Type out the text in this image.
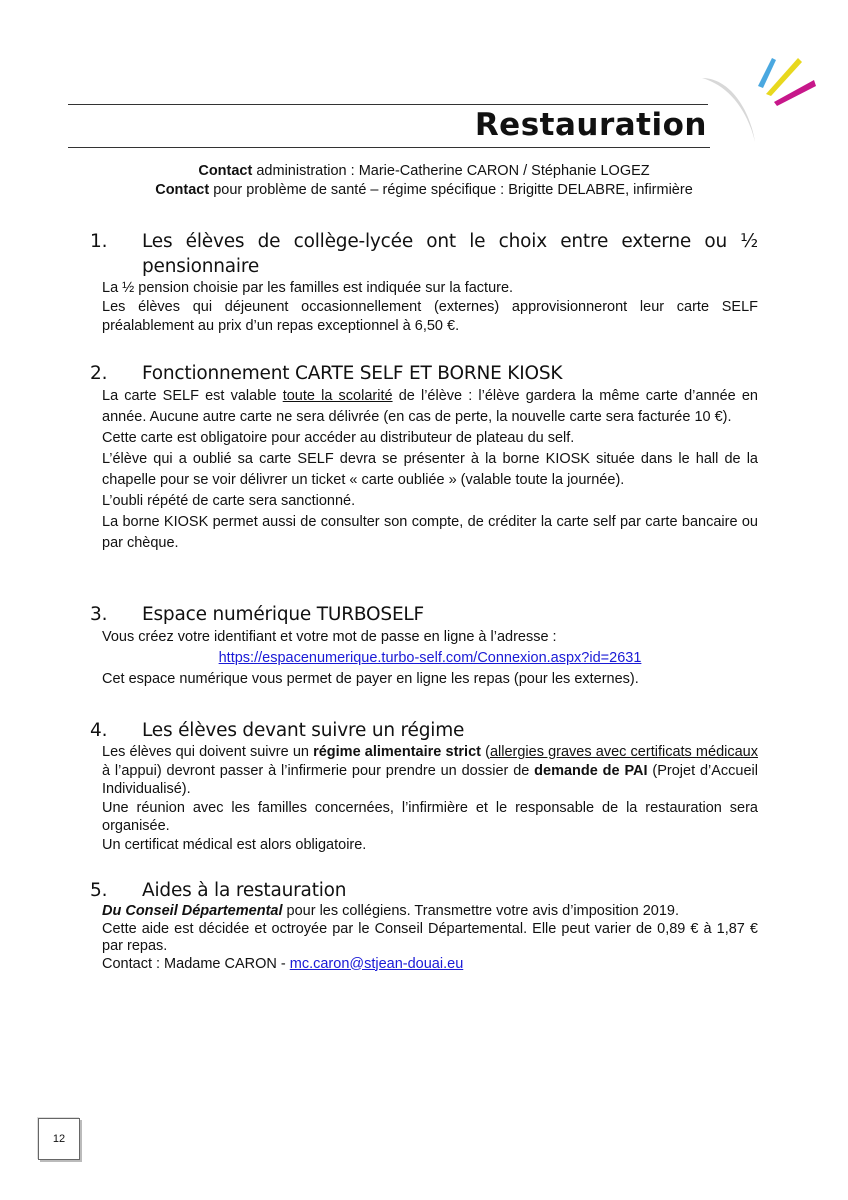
Restauration
Contact administration : Marie-Catherine CARON / Stéphanie LOGEZ
Contact pour problème de santé – régime spécifique : Brigitte DELABRE, infirmière
1.	Les élèves de collège-lycée ont le choix entre externe ou ½ pensionnaire

La ½ pension choisie par les familles est indiquée sur la facture.

Les élèves qui déjeunent occasionnellement (externes) approvisionneront leur carte SELF préalablement au prix d’un repas exceptionnel à 6,50 €.

2.	Fonctionnement CARTE SELF ET BORNE KIOSK

La carte SELF est valable toute la scolarité de l’élève : l’élève gardera la même carte d’année en année. Aucune autre carte ne sera délivrée (en cas de perte, la nouvelle carte sera facturée 10 €).

Cette carte est obligatoire pour accéder au distributeur de plateau du self.

L’élève qui a oublié sa carte SELF devra se présenter à la borne KIOSK située dans le hall de la chapelle pour se voir délivrer un ticket « carte oubliée » (valable toute la journée).

L’oubli répété de carte sera sanctionné.

La borne KIOSK permet aussi de consulter son compte, de créditer la carte self par carte bancaire ou par chèque.

3.	Espace numérique TURBOSELF

Vous créez votre identifiant et votre mot de passe en ligne à l’adresse :

https://espacenumerique.turbo-self.com/Connexion.aspx?id=2631

Cet espace numérique vous permet de payer en ligne les repas (pour les externes).

4.	Les élèves devant suivre un régime

Les élèves qui doivent suivre un régime alimentaire strict (allergies graves avec certificats médicaux à l’appui) devront passer à l’infirmerie pour prendre un dossier de demande de PAI (Projet d’Accueil Individualisé).

Une réunion avec les familles concernées, l’infirmière et le responsable de la restauration sera organisée.

Un certificat médical est alors obligatoire.

5.	Aides à la restauration

Du Conseil Départemental pour les collégiens. Transmettre votre avis d’imposition 2019.

Cette aide est décidée et octroyée par le Conseil Départemental. Elle peut varier de 0,89 € à 1,87 € par repas.

Contact : Madame CARON - mc.caron@stjean-douai.eu

12
